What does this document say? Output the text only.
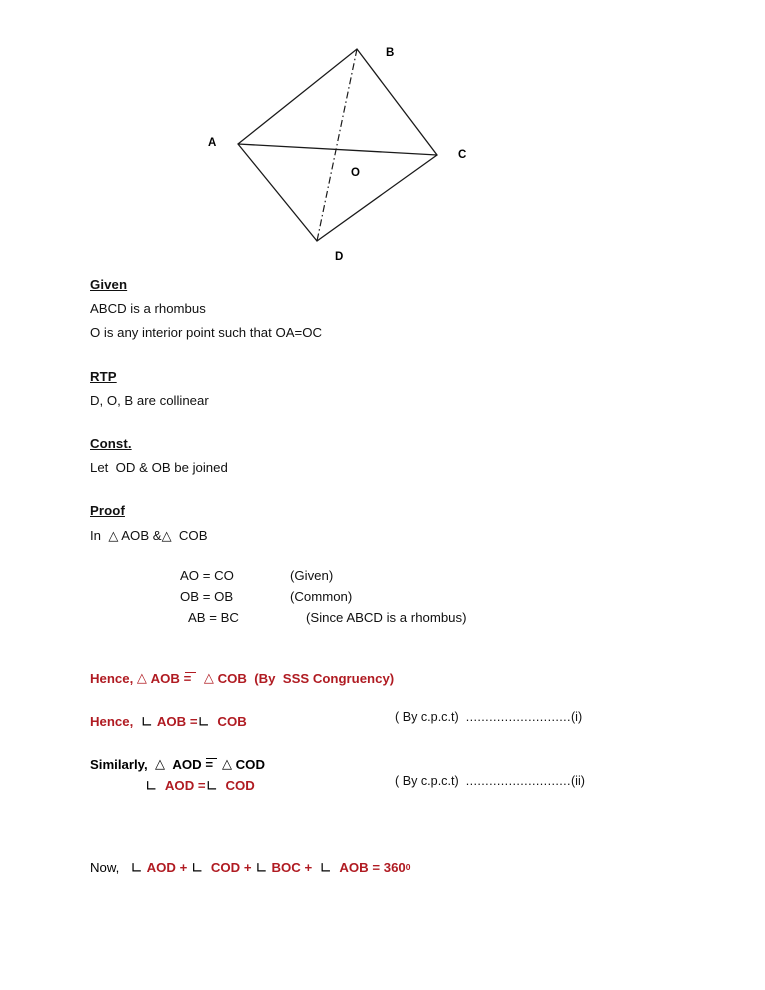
A
B
C
D
O

Given

ABCD is a rhombus

O is any interior point such that OA=OC

RTP

D, O, B are collinear

Const.

Let  OD & OB be joined

Proof

In  △ AOB &△ COB

AO = CO	(Given)
OB = OB	(Common)
AB = BC	(Since ABCD is a rhombus)
Hence,
△
AOB
=
△
COB
(By  SSS Congruency)
Hence,
∟
AOB
= ∟
COB	( By c.p.c.t) ...........................(i)
Similarly,
△
AOD
=
△
COD
∟
AOD
= ∟
COD	( By c.p.c.t) ...........................(ii)
Now,
∟
AOD
+
∟
COD
+
∟
BOC
+
∟
AOB
=
360 0
